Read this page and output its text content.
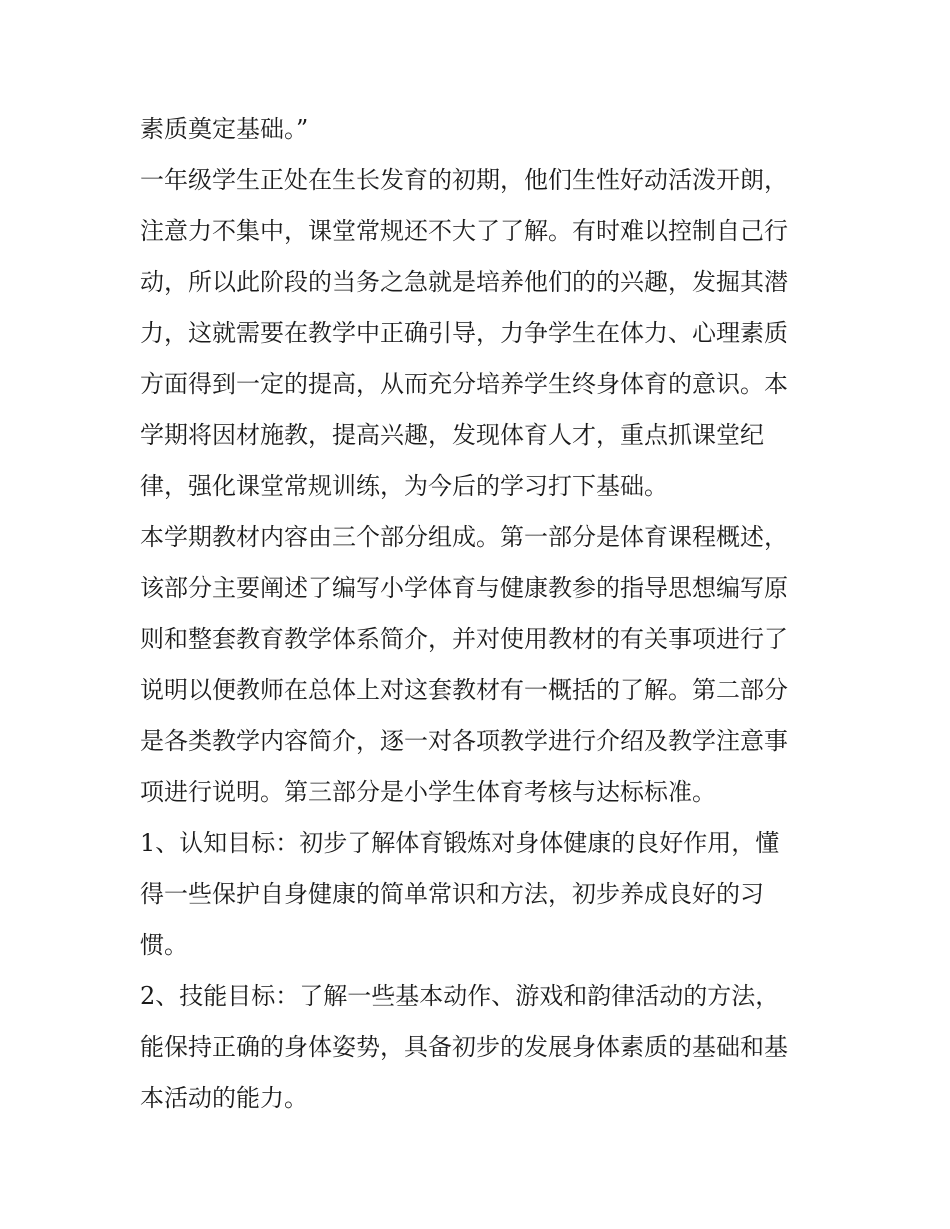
素质奠定基础。”
一年级学生正处在生长发育的初期，他们生性好动活泼开朗，
注意力不集中，课堂常规还不大了了解。有时难以控制自己行
动，所以此阶段的当务之急就是培养他们的的兴趣，发掘其潜
力，这就需要在教学中正确引导，力争学生在体力、心理素质
方面得到一定的提高，从而充分培养学生终身体育的意识。本
学期将因材施教，提高兴趣，发现体育人才，重点抓课堂纪
律，强化课堂常规训练，为今后的学习打下基础。
本学期教材内容由三个部分组成。第一部分是体育课程概述，
该部分主要阐述了编写小学体育与健康教参的指导思想编写原
则和整套教育教学体系简介，并对使用教材的有关事项进行了
说明以便教师在总体上对这套教材有一概括的了解。第二部分
是各类教学内容简介，逐一对各项教学进行介绍及教学注意事
项进行说明。第三部分是小学生体育考核与达标标准。
1、认知目标：初步了解体育锻炼对身体健康的良好作用，懂
得一些保护自身健康的简单常识和方法，初步养成良好的习
惯。
2、技能目标：了解一些基本动作、游戏和韵律活动的方法，
能保持正确的身体姿势，具备初步的发展身体素质的基础和基
本活动的能力。
